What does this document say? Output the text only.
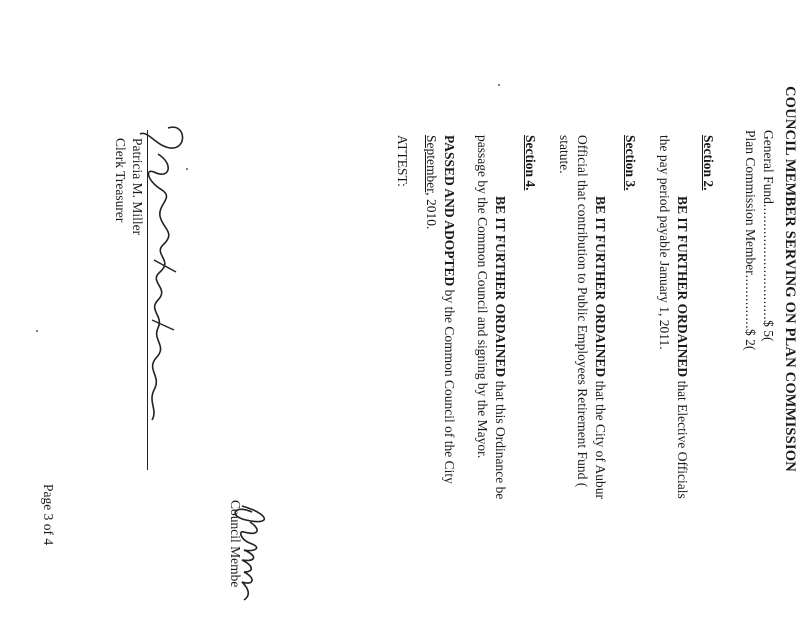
COUNCIL MEMBER SERVING ON PLAN COMMISSION
General Fund..............................$ 5(
Plan Commission Member..............$ 2(
Section 2.
BE IT FURTHER ORDAINED that Elective Officials
the pay period payable January 1, 2011.
Section 3.
BE IT FURTHER ORDAINED that the City of Aubur
Official that contribution to Public Employees Retirement Fund (
statute.
Section 4.
BE IT FURTHER ORDAINED that this Ordinance be
passage by the Common Council and signing by the Mayor.
PASSED AND ADOPTED by the Common Council of the City
September, 2010.
Council Membe
ATTEST:
Patricia M. Miller
Clerk Treasurer
Page 3 of 4
